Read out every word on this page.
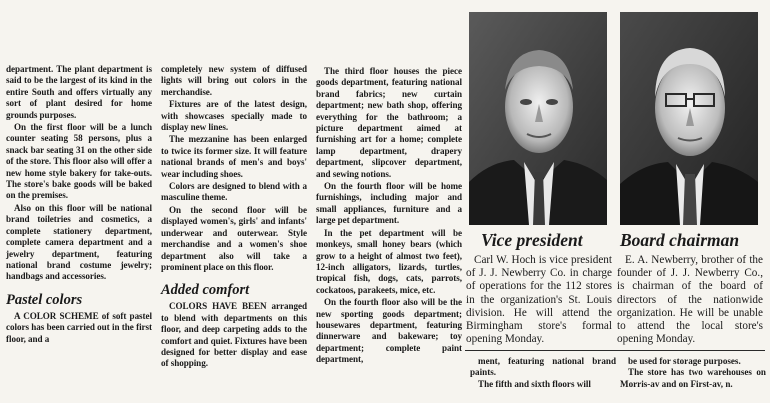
department. The plant department is said to be the largest of its kind in the entire South and offers virtually any sort of plant desired for home grounds purposes.

On the first floor will be a lunch counter seating 58 persons, plus a snack bar seating 31 on the other side of the store. This floor also will offer a new home style bakery for take-outs. The store's bake goods will be baked on the premises.

Also on this floor will be national brand toiletries and cosmetics, a complete stationery department, complete camera department and a jewelry department, featuring national brand costume jewelry; handbags and accessories.

Pastel colors

A COLOR SCHEME of soft pastel colors has been carried out in the first floor, and a

completely new system of diffused lights will bring out colors in the merchandise.

Fixtures are of the latest design, with showcases specially made to display new lines.

The mezzanine has been enlarged to twice its former size. It will feature national brands of men's and boys' wear including shoes.

Colors are designed to blend with a masculine theme.

On the second floor will be displayed women's, girls' and infants' underwear and outerwear. Style merchandise and a women's shoe department also will take a prominent place on this floor.

Added comfort

COLORS HAVE BEEN arranged to blend with departments on this floor, and deep carpeting adds to the comfort and quiet. Fixtures have been designed for better display and ease of shopping.

The third floor houses the piece goods department, featuring national brand fabrics; new curtain department; new bath shop, offering everything for the bathroom; a picture department aimed at furnishing art for a home; complete lamp department, drapery department, slipcover department, and sewing notions.

On the fourth floor will be home furnishings, including major and small appliances, furniture and a large pet department.

In the pet department will be monkeys, small honey bears (which grow to a height of almost two feet), 12-inch alligators, lizards, turtles, tropical fish, dogs, cats, parrots, cockatoos, parakeets, mice, etc.

On the fourth floor also will be the new sporting goods department; housewares department, featuring dinnerware and bakeware; toy department; complete paint department,

Vice president Board chairman

Carl W. Hoch is vice president of J. J. Newberry Co. in charge of operations for the 112 stores in the organization's St. Louis division. He will attend the Birmingham store's formal opening Monday.

E. A. Newberry, brother of the founder of J. J. Newberry Co., is chairman of the board of directors of the nationwide organization. He will be unable to attend the local store's opening Monday.

ment, featuring national brand paints.

The fifth and sixth floors will

be used for storage purposes.

The store has two warehouses on Morris-av and on First-av, n.
